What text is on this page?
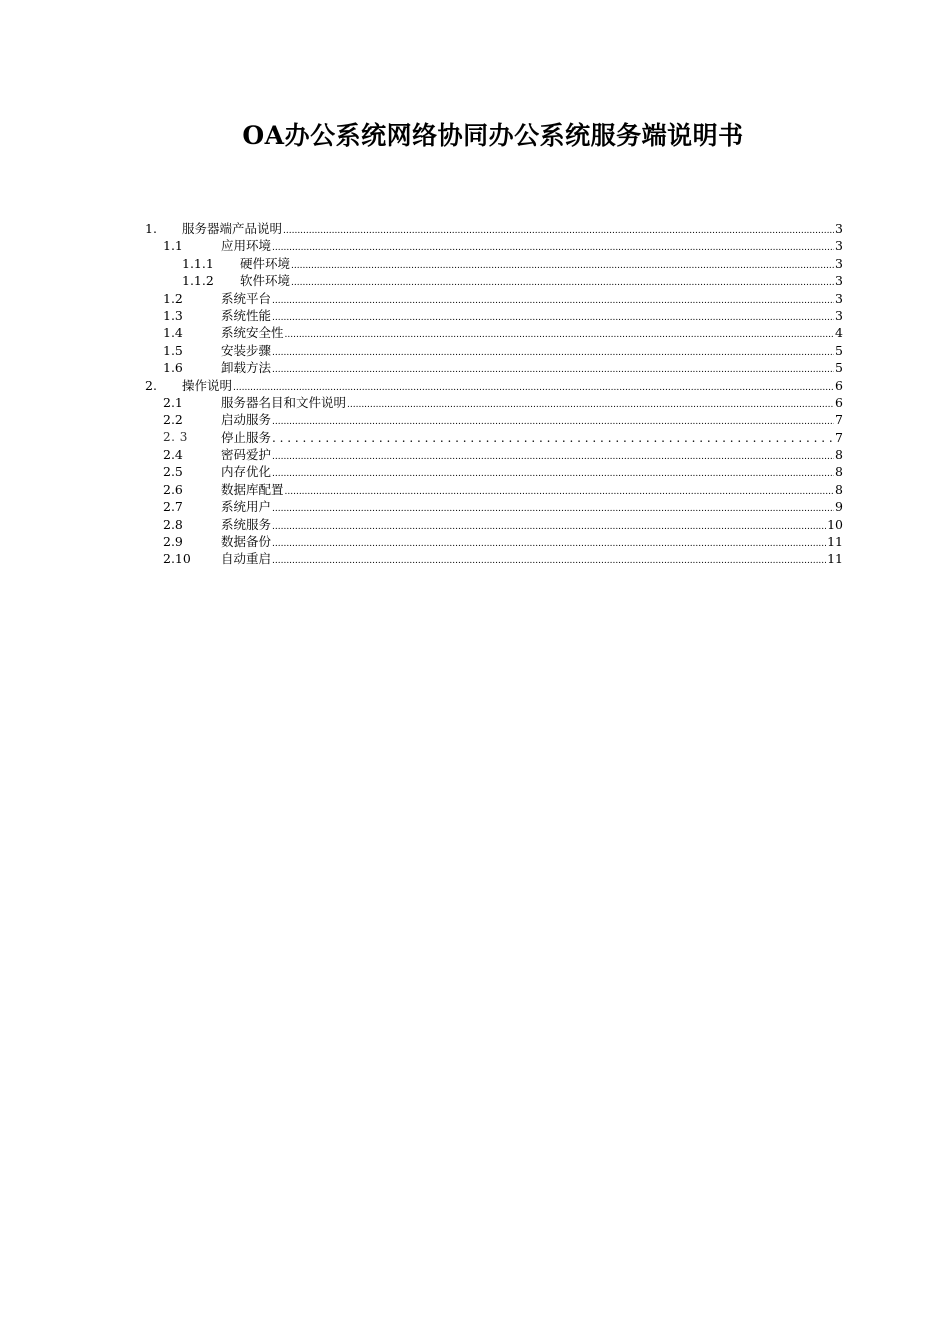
OA办公系统网络协同办公系统服务端说明书
1. 服务器端产品说明 .....	3
1.1	应用环境 .....	3
1.1.1 硬件环境 .....	3
1.1.2 软件环境 .....	3
1.2	系统平台 .....	3
1.3	系统性能 .....	3
1.4	系统安全性 .....	4
1.5	安装步骤 .....	5
1.6	卸载方法 .....	5
2. 操作说明 .....	6
2.1	服务器名目和文件说明 .....	6
2.2	启动服务 .....	7
2. 3	停止服务 . . .	7
2.4	密码爱护 .....	8
2.5	内存优化 .....	8
2.6	数据库配置 .....	8
2.7	系统用户 .....	9
2.8	系统服务 .....	10
2.9	数据备份 .....	11
2.10 自动重启 .....	11
